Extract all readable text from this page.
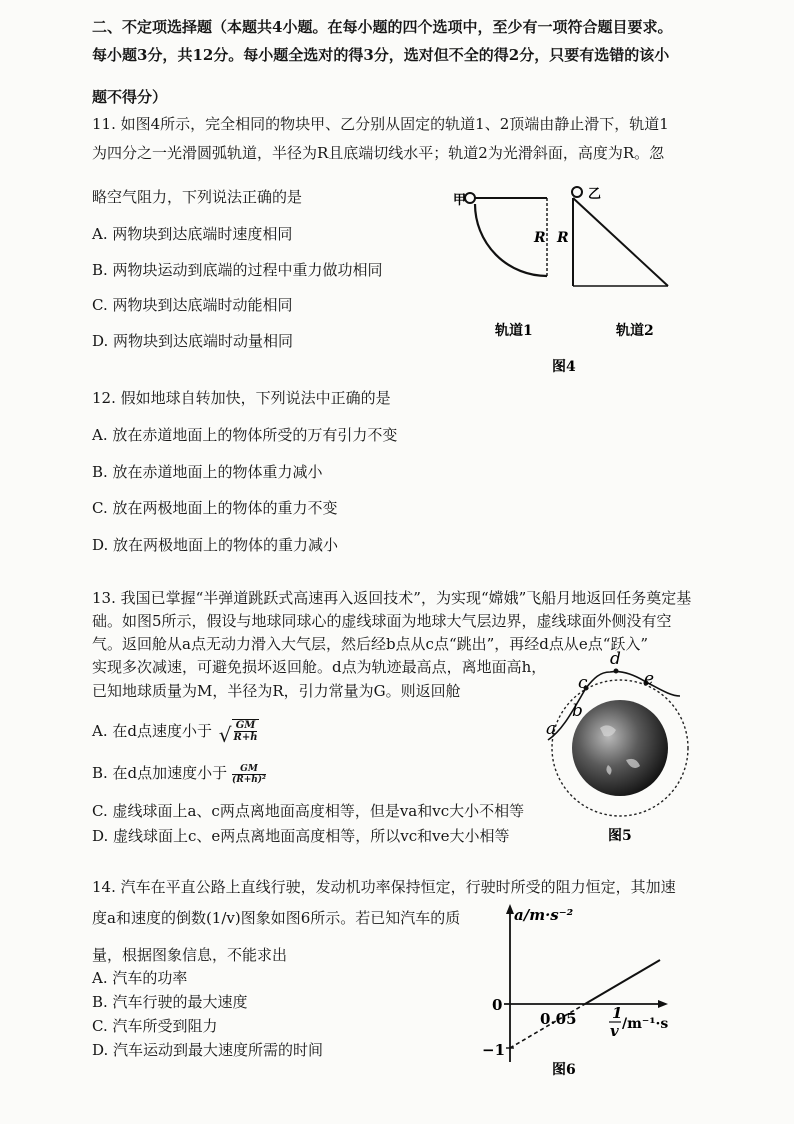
二、不定项选择题（本题共4小题。在每小题的四个选项中，至少有一项符合题目要求。
每小题3分，共12分。每小题全选对的得3分，选对但不全的得2分，只要有选错的该小
题不得分）
11. 如图4所示，完全相同的物块甲、乙分别从固定的轨道1、2顶端由静止滑下，轨道1
为四分之一光滑圆弧轨道，半径为R且底端切线水平；轨道2为光滑斜面，高度为R。忽
略空气阻力，下列说法正确的是
A. 两物块到达底端时速度相同
B. 两物块运动到底端的过程中重力做功相同
C. 两物块到达底端时动能相同
D. 两物块到达底端时动量相同
甲
R
乙
R
轨道1	轨道2
图4
12. 假如地球自转加快，下列说法中正确的是
A. 放在赤道地面上的物体所受的万有引力不变
B. 放在赤道地面上的物体重力减小
C. 放在两极地面上的物体的重力不变
D. 放在两极地面上的物体的重力减小
13. 我国已掌握“半弹道跳跃式高速再入返回技术”，为实现“嫦娥”飞船月地返回任务奠定基
础。如图5所示，假设与地球同球心的虚线球面为地球大气层边界，虚线球面外侧没有空
气。返回舱从a点无动力滑入大气层，然后经b点从c点“跳出”，再经d点从e点“跃入”
实现多次减速，可避免损坏返回舱。d点为轨迹最高点，离地面高h，
已知地球质量为M，半径为R，引力常量为G。则返回舱
A. 在d点速度小于 √ $\frac{GM}{R+h}$
B. 在d点加速度小于 $\frac{GM}{\text{(R+h)²}}$
C. 虚线球面上a、c两点离地面高度相等，但是va和vc大小不相等
D. 虚线球面上c、e两点离地面高度相等，所以vc和ve大小相等
a
b
c
d
e
图5
14. 汽车在平直公路上直线行驶，发动机功率保持恒定，行驶时所受的阻力恒定，其加速
度a和速度的倒数(1/v)图象如图6所示。若已知汽车的质
量，根据图象信息，不能求出
A. 汽车的功率
B. 汽车行驶的最大速度
C. 汽车所受到阻力
D. 汽车运动到最大速度所需的时间
a/m·s⁻²
0
−1
0.05 1
v /m⁻¹·s
图6
